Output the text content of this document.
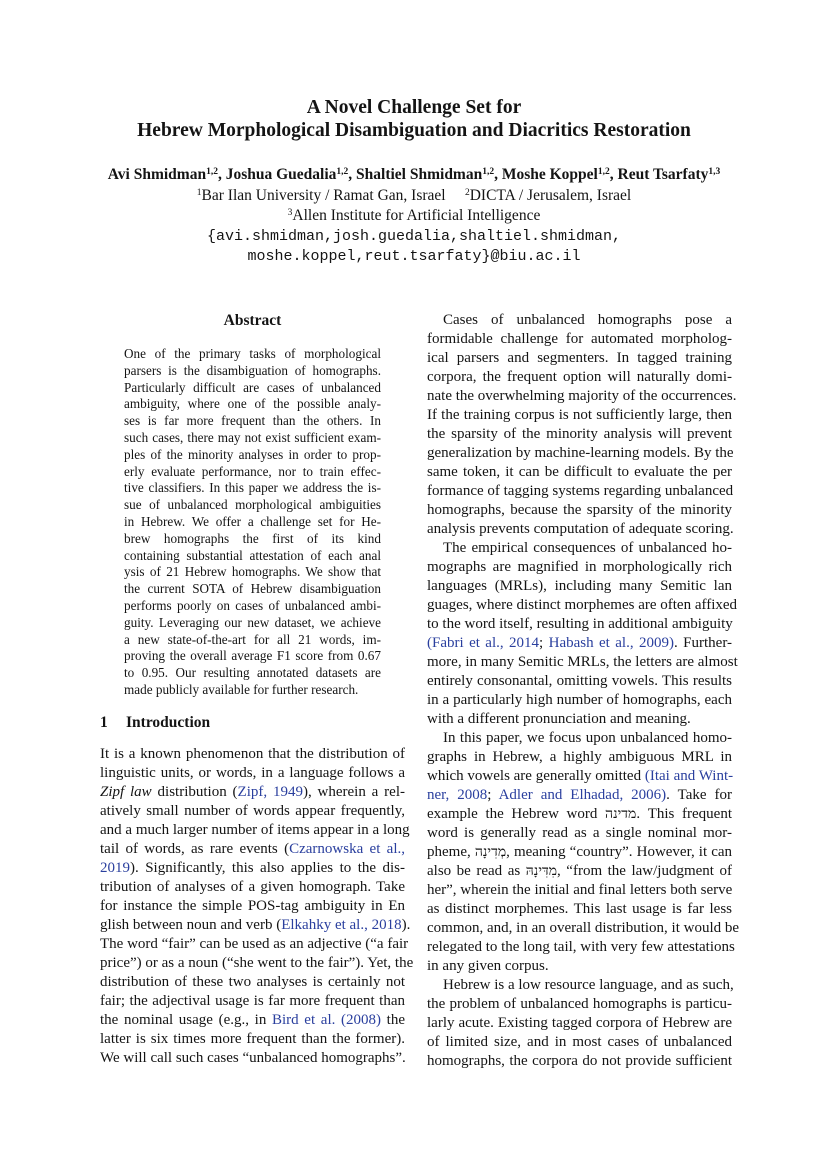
A Novel Challenge Set for
Hebrew Morphological Disambiguation and Diacritics Restoration
Avi Shmidman$^{1,2}$, Joshua Guedalia$^{1,2}$, Shaltiel Shmidman$^{1,2}$, Moshe Koppel$^{1,2}$, Reut Tsarfaty$^{1,3}$
$^1$Bar Ilan University / Ramat Gan, Israel $^2$DICTA / Jerusalem, Israel
$^3$Allen Institute for Artificial Intelligence
{avi.shmidman,josh.guedalia,shaltiel.shmidman,
moshe.koppel,reut.tsarfaty}@biu.ac.il
Abstract
One of the primary tasks of morphological
parsers is the disambiguation of homographs.
Particularly difficult are cases of unbalanced
ambiguity, where one of the possible analy-
ses is far more frequent than the others. In
such cases, there may not exist sufficient exam-
ples of the minority analyses in order to prop-
erly evaluate performance, nor to train effec-
tive classifiers. In this paper we address the is-
sue of unbalanced morphological ambiguities
in Hebrew. We offer a challenge set for He-
brew homographs the first of its kind
containing substantial attestation of each anal
ysis of 21 Hebrew homographs. We show that
the current SOTA of Hebrew disambiguation
performs poorly on cases of unbalanced ambi-
guity. Leveraging our new dataset, we achieve
a new state-of-the-art for all 21 words, im-
proving the overall average F1 score from 0.67
to 0.95. Our resulting annotated datasets are
made publicly available for further research.
1 Introduction
It is a known phenomenon that the distribution of
linguistic units, or words, in a language follows a
Zipf law distribution (Zipf, 1949), wherein a rel-
atively small number of words appear frequently,
and a much larger number of items appear in a long
tail of words, as rare events (Czarnowska et al.,
2019). Significantly, this also applies to the dis-
tribution of analyses of a given homograph. Take
for instance the simple POS-tag ambiguity in En
glish between noun and verb (Elkahky et al., 2018).
The word “fair” can be used as an adjective (“a fair
price”) or as a noun (“she went to the fair”). Yet, the
distribution of these two analyses is certainly not
fair; the adjectival usage is far more frequent than
the nominal usage (e.g., in Bird et al. (2008) the
latter is six times more frequent than the former).
We will call such cases “unbalanced homographs”.
Cases of unbalanced homographs pose a
formidable challenge for automated morpholog-
ical parsers and segmenters. In tagged training
corpora, the frequent option will naturally domi-
nate the overwhelming majority of the occurrences.
If the training corpus is not sufficiently large, then
the sparsity of the minority analysis will prevent
generalization by machine-learning models. By the
same token, it can be difficult to evaluate the per
formance of tagging systems regarding unbalanced
homographs, because the sparsity of the minority
analysis prevents computation of adequate scoring.
The empirical consequences of unbalanced ho-
mographs are magnified in morphologically rich
languages (MRLs), including many Semitic lan
guages, where distinct morphemes are often affixed
to the word itself, resulting in additional ambiguity
(Fabri et al., 2014; Habash et al., 2009). Further-
more, in many Semitic MRLs, the letters are almost
entirely consonantal, omitting vowels. This results
in a particularly high number of homographs, each
with a different pronunciation and meaning.
In this paper, we focus upon unbalanced homo-
graphs in Hebrew, a highly ambiguous MRL in
which vowels are generally omitted (Itai and Wint-
ner, 2008; Adler and Elhadad, 2006). Take for
example the Hebrew word מדינה. This frequent
word is generally read as a single nominal mor-
pheme, מְדִינָה, meaning “country”. However, it can
also be read as מִדִּינָהּ, “from the law/judgment of
her”, wherein the initial and final letters both serve
as distinct morphemes. This last usage is far less
common, and, in an overall distribution, it would be
relegated to the long tail, with very few attestations
in any given corpus.
Hebrew is a low resource language, and as such,
the problem of unbalanced homographs is particu-
larly acute. Existing tagged corpora of Hebrew are
of limited size, and in most cases of unbalanced
homographs, the corpora do not provide sufficient
